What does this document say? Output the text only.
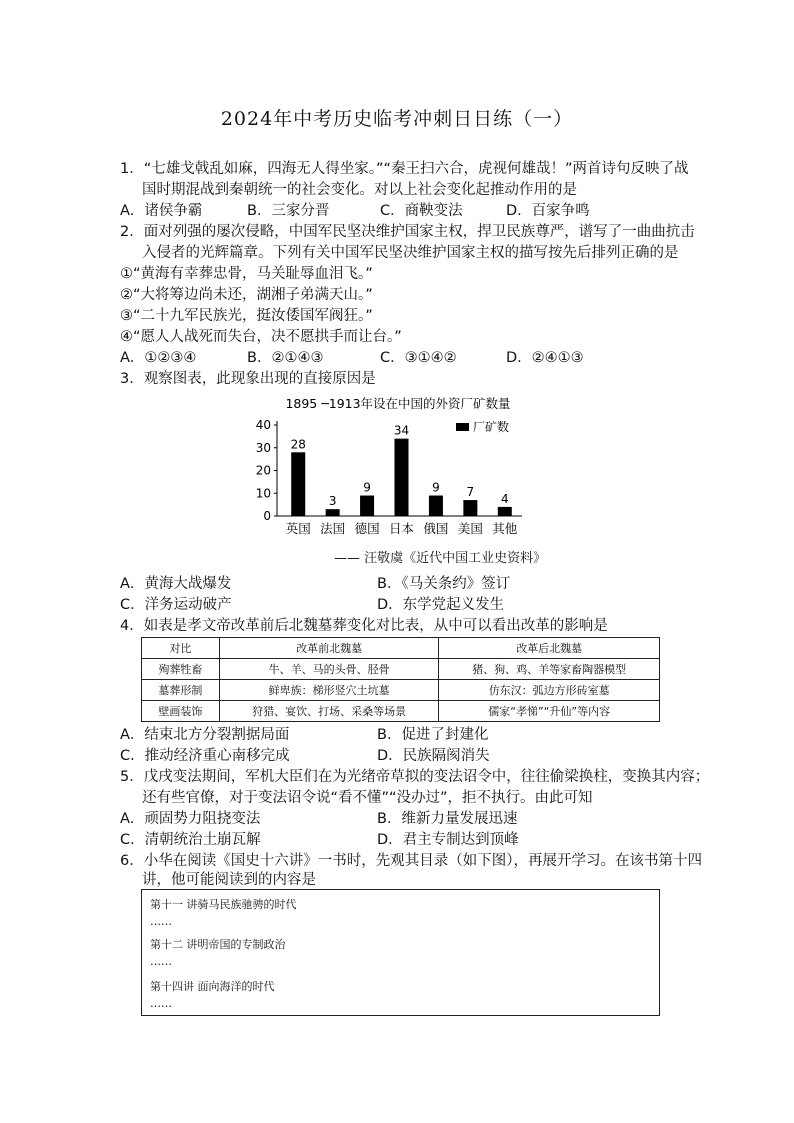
2024年中考历史临考冲刺日日练（一）
1．“七雄戈戟乱如麻，四海无人得坐家。”“秦王扫六合，虎视何雄哉！”两首诗句反映了战
国时期混战到秦朝统一的社会变化。对以上社会变化起推动作用的是
A．诸侯争霸	B．三家分晋	C．商鞅变法	D．百家争鸣
2．面对列强的屡次侵略，中国军民坚决维护国家主权，捍卫民族尊严，谱写了一曲曲抗击
入侵者的光辉篇章。下列有关中国军民坚决维护国家主权的描写按先后排列正确的是
①“黄海有幸葬忠骨，马关耻辱血泪飞。”
②“大将筹边尚未还，湖湘子弟满天山。”
③“二十九军民族光，挺汝倭国军阀狂。”
④“愿人人战死而失台，决不愿拱手而让台。”
A．①②③④	B．②①④③	C．③①④②	D．②④①③
3．观察图表，此现象出现的直接原因是
1895 ─1913年设在中国的外资厂矿数量
0
10
20
30
40
28
英国
3
法国
9
德国
34
日本
9
俄国
7
美国
4
其他
厂矿数
—— 汪敬虞《近代中国工业史资料》
A．黄海大战爆发	B．《马关条约》签订
C．洋务运动破产	D．东学党起义发生
4．如表是孝文帝改革前后北魏墓葬变化对比表，从中可以看出改革的影响是
对比	改革前北魏墓	改革后北魏墓
殉葬牲畜	牛、羊、马的头骨、胫骨	猪、狗、鸡、羊等家畜陶器模型
墓葬形制	鲜卑族：梯形竖穴土坑墓	仿东汉：弧边方形砖室墓
壁画装饰	狩猎、宴饮、打场、采桑等场景	儒家“孝悌”“升仙”等内容
A．结束北方分裂割据局面	B．促进了封建化
C．推动经济重心南移完成	D．民族隔阂消失
5．戊戌变法期间，军机大臣们在为光绪帝草拟的变法诏令中，往往偷梁换柱，变换其内容；
还有些官僚，对于变法诏令说“看不懂”“没办过”，拒不执行。由此可知
A．顽固势力阻挠变法	B．维新力量发展迅速
C．清朝统治土崩瓦解	D．君主专制达到顶峰
6．小华在阅读《国史十六讲》一书时，先观其目录（如下图），再展开学习。在该书第十四
讲，他可能阅读到的内容是
第十一 讲骑马民族驰骋的时代
……
第十二 讲明帝国的专制政治
……
第十四讲 面向海洋的时代
……
